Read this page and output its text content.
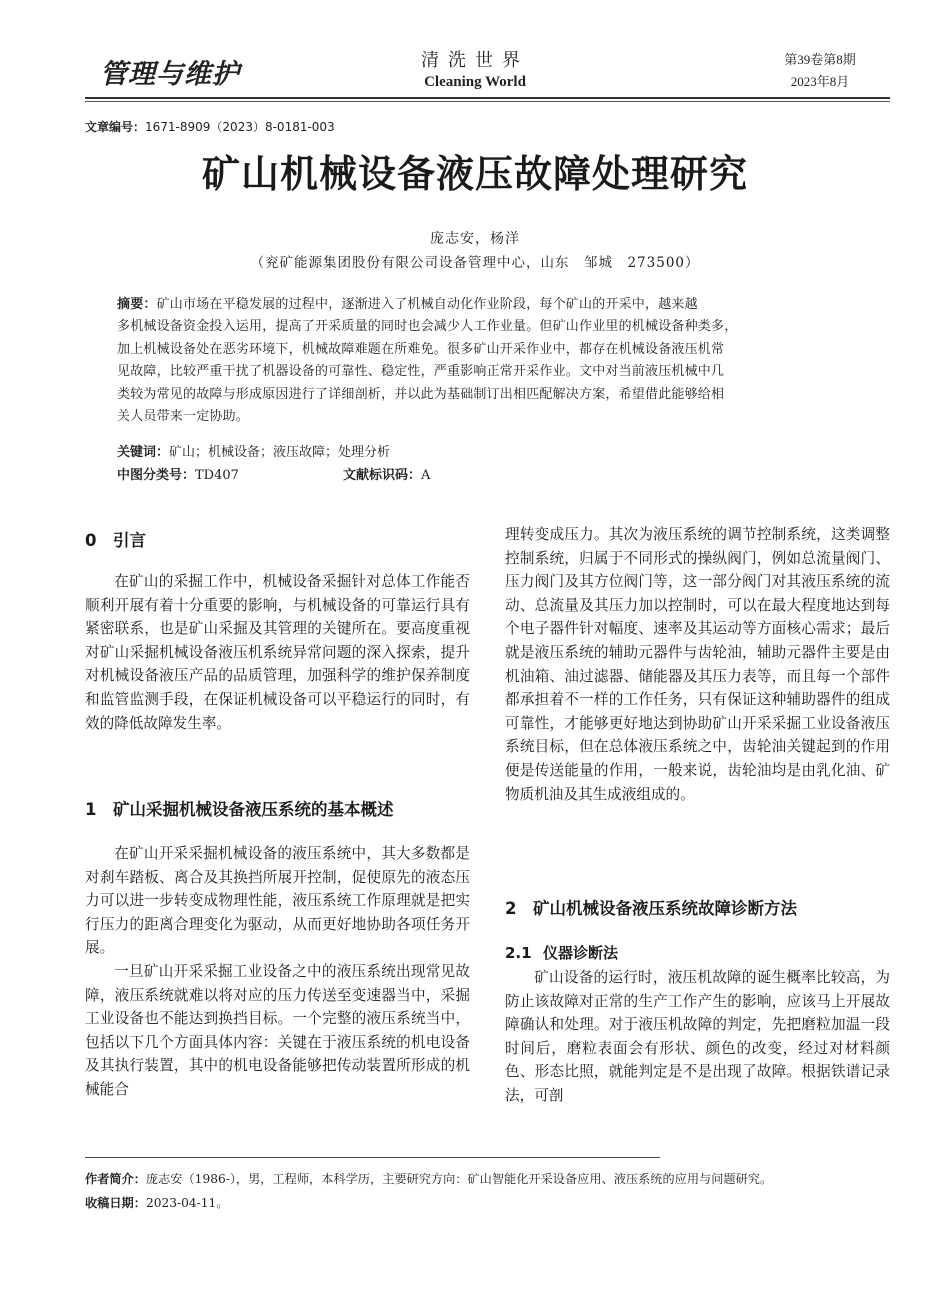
管理与维护	清洗世界
Cleaning World
第39卷第8期
2023年8月
文章编号：1671-8909（2023）8-0181-003
矿山机械设备液压故障处理研究
庞志安，杨洋
（兖矿能源集团股份有限公司设备管理中心，山东　邹城　273500）
摘要：矿山市场在平稳发展的过程中，逐渐进入了机械自动化作业阶段，每个矿山的开采中，越来越
多机械设备资金投入运用，提高了开采质量的同时也会减少人工作业量。但矿山作业里的机械设备种类多，
加上机械设备处在恶劣环境下，机械故障难题在所难免。很多矿山开采作业中，都存在机械设备液压机常
见故障，比较严重干扰了机器设备的可靠性、稳定性，严重影响正常开采作业。文中对当前液压机械中几
类较为常见的故障与形成原因进行了详细剖析，并以此为基础制订出相匹配解决方案，希望借此能够给相
关人员带来一定协助。
关键词：矿山；机械设备；液压故障；处理分析
中图分类号：TD407	文献标识码：A
0 引言

在矿山的采掘工作中，机械设备采掘针对总体工作能否顺利开展有着十分重要的影响，与机械设备的可靠运行具有紧密联系，也是矿山采掘及其管理的关键所在。要高度重视对矿山采掘机械设备液压机系统异常问题的深入探索，提升对机械设备液压产品的品质管理，加强科学的维护保养制度和监管监测手段，在保证机械设备可以平稳运行的同时，有效的降低故障发生率。

1 矿山采掘机械设备液压系统的基本概述

在矿山开采采掘机械设备的液压系统中，其大多数都是对刹车踏板、离合及其换挡所展开控制，促使原先的液态压力可以进一步转变成物理性能，液压系统工作原理就是把实行压力的距离合理变化为驱动，从而更好地协助各项任务开展。

一旦矿山开采采掘工业设备之中的液压系统出现常见故障，液压系统就难以将对应的压力传送至变速器当中，采掘工业设备也不能达到换挡目标。一个完整的液压系统当中，包括以下几个方面具体内容：关键在于液压系统的机电设备及其执行装置，其中的机电设备能够把传动装置所形成的机械能合

理转变成压力。其次为液压系统的调节控制系统，这类调整控制系统，归属于不同形式的操纵阀门，例如总流量阀门、压力阀门及其方位阀门等，这一部分阀门对其液压系统的流动、总流量及其压力加以控制时，可以在最大程度地达到每个电子器件针对幅度、速率及其运动等方面核心需求；最后就是液压系统的辅助元器件与齿轮油，辅助元器件主要是由机油箱、油过滤器、储能器及其压力表等，而且每一个部件都承担着不一样的工作任务，只有保证这种辅助器件的组成可靠性，才能够更好地达到协助矿山开采采掘工业设备液压系统目标，但在总体液压系统之中，齿轮油关键起到的作用便是传送能量的作用，一般来说，齿轮油均是由乳化油、矿物质机油及其生成液组成的。

2 矿山机械设备液压系统故障诊断方法
2.1 仪器诊断法

矿山设备的运行时，液压机故障的诞生概率比较高，为防止该故障对正常的生产工作产生的影响，应该马上开展故障确认和处理。对于液压机故障的判定，先把磨粒加温一段时间后，磨粒表面会有形状、颜色的改变，经过对材料颜色、形态比照，就能判定是不是出现了故障。根据铁谱记录法，可剖

作者简介：庞志安（1986-），男，工程师，本科学历，主要研究方向：矿山智能化开采设备应用、液压系统的应用与问题研究。
收稿日期：2023-04-11。
